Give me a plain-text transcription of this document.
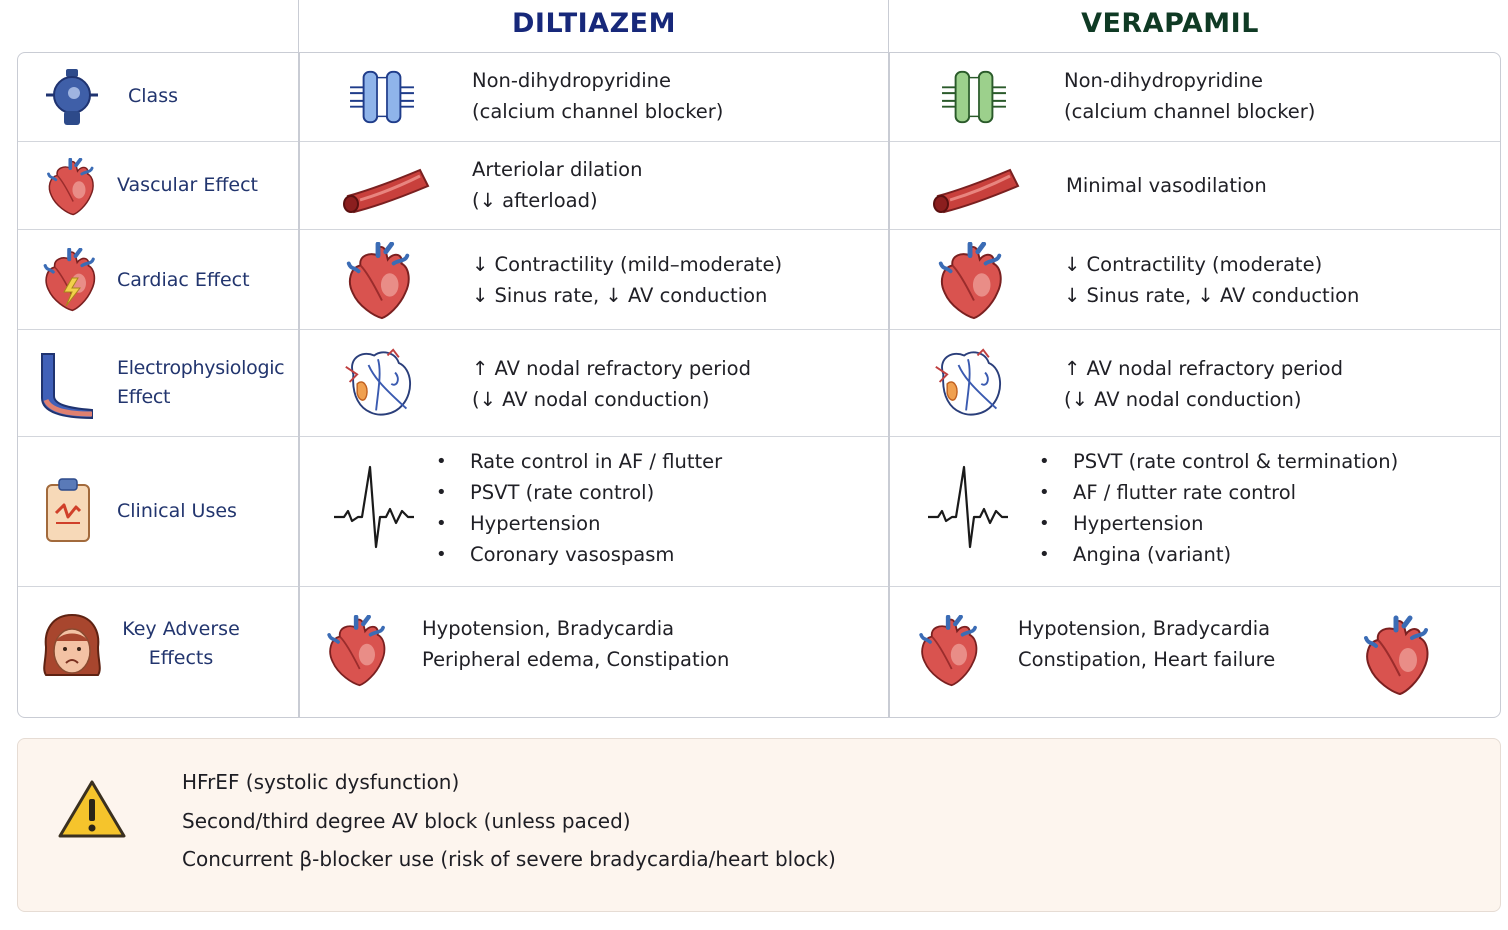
DILTIAZEM	VERAPAMIL
Class
Non-dihydropyridine
(calcium channel blocker)
Non-dihydropyridine
(calcium channel blocker)
Vascular Effect
Arteriolar dilation
(↓ afterload)
Minimal vasodilation
Cardiac Effect
↓ Contractility (mild–moderate)
↓ Sinus rate, ↓ AV conduction
↓ Contractility (moderate)
↓ Sinus rate, ↓ AV conduction
Electrophysiologic
Effect
↑ AV nodal refractory period
(↓ AV nodal conduction)
↑ AV nodal refractory period
(↓ AV nodal conduction)
Clinical Uses
• Rate control in AF / flutter
• PSVT (rate control)
• Hypertension
• Coronary vasospasm
• PSVT (rate control & termination)
• AF / flutter rate control
• Hypertension
• Angina (variant)
Key Adverse
Effects
Hypotension, Bradycardia
Peripheral edema, Constipation
Hypotension, Bradycardia
Constipation, Heart failure
HFrEF (systolic dysfunction)
Second/third degree AV block (unless paced)
Concurrent β-blocker use (risk of severe bradycardia/heart block)
